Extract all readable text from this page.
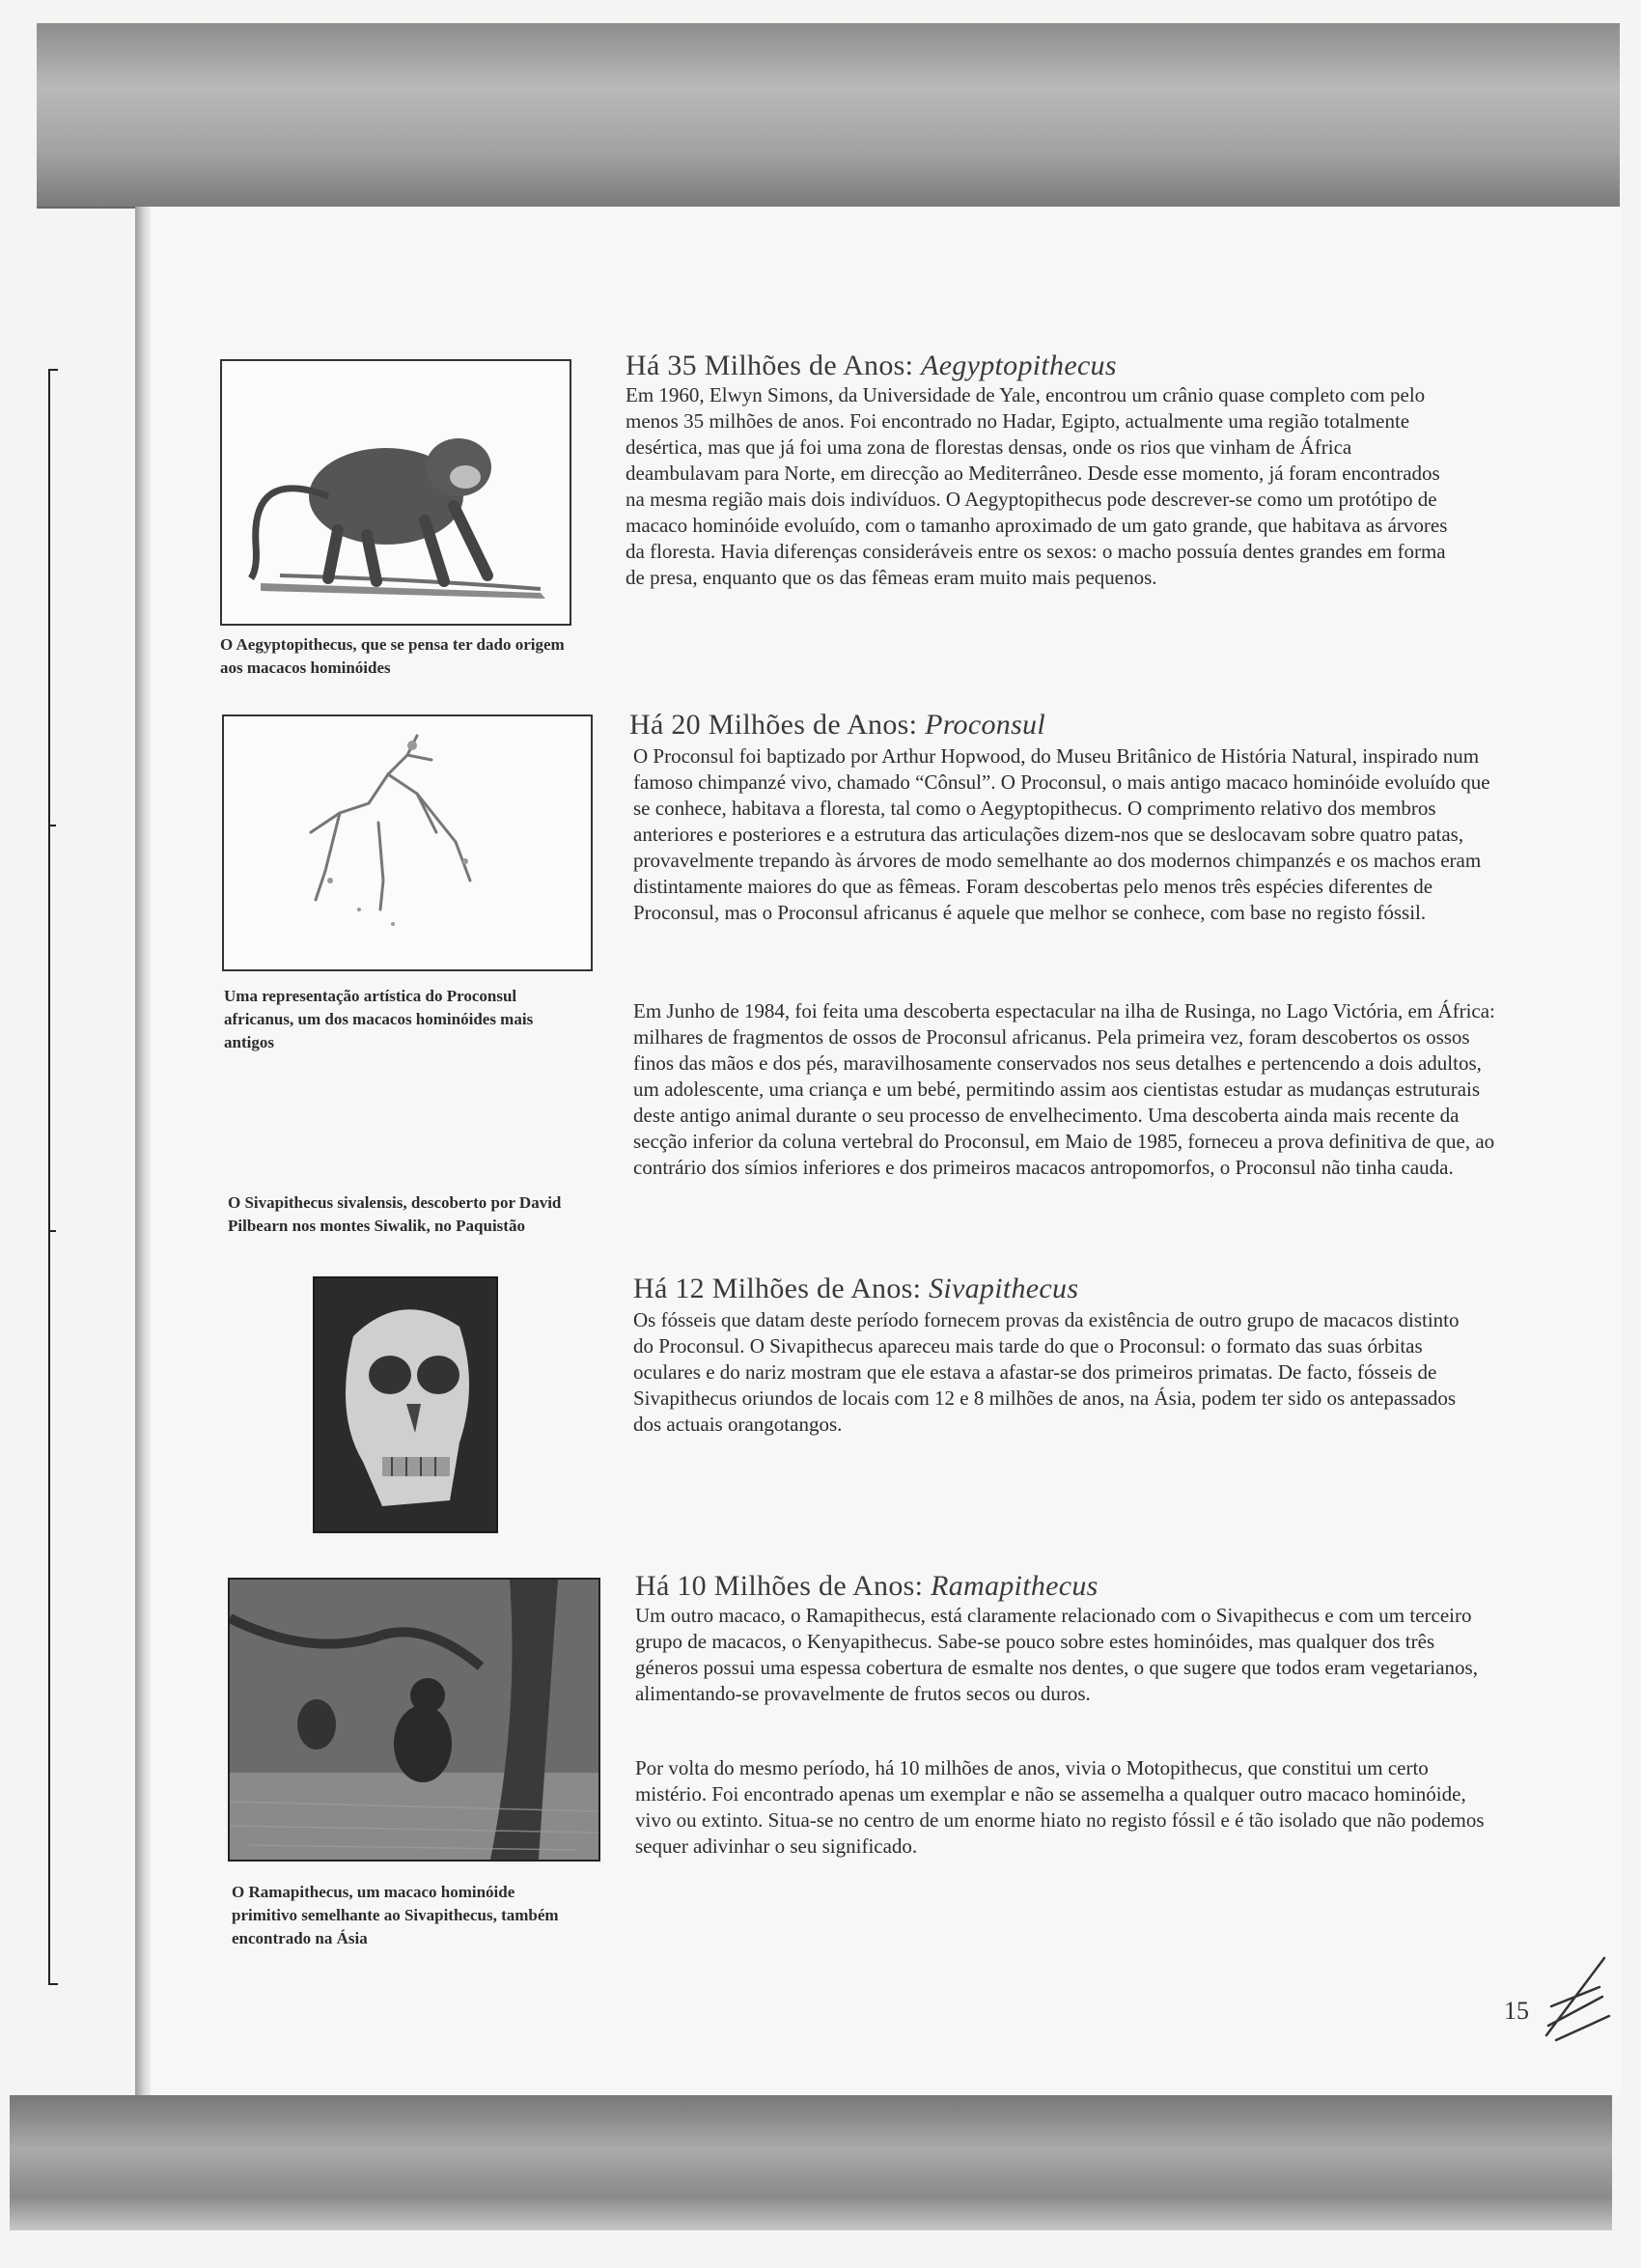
O Aegyptopithecus, que se pensa ter dado origem aos macacos hominóides
Uma representação artística do Proconsul africanus, um dos macacos hominóides mais antigos
O Sivapithecus sivalensis, descoberto por David Pilbearn nos montes Siwalik, no Paquistão
O Ramapithecus, um macaco hominóide primitivo semelhante ao Sivapithecus, também encontrado na Ásia
Há 35 Milhões de Anos: Aegyptopithecus
Em 1960, Elwyn Simons, da Universidade de Yale, encontrou um crânio quase completo com pelo menos 35 milhões de anos. Foi encontrado no Hadar, Egipto, actualmente uma região totalmente desértica, mas que já foi uma zona de florestas densas, onde os rios que vinham de África deambulavam para Norte, em direcção ao Mediterrâneo. Desde esse momento, já foram encontrados na mesma região mais dois indivíduos. O Aegyptopithecus pode descrever-se como um protótipo de macaco hominóide evoluído, com o tamanho aproximado de um gato grande, que habitava as árvores da floresta. Havia diferenças consideráveis entre os sexos: o macho possuía dentes grandes em forma de presa, enquanto que os das fêmeas eram muito mais pequenos.
Há 20 Milhões de Anos: Proconsul
O Proconsul foi baptizado por Arthur Hopwood, do Museu Britânico de História Natural, inspirado num famoso chimpanzé vivo, chamado “Cônsul”. O Proconsul, o mais antigo macaco hominóide evoluído que se conhece, habitava a floresta, tal como o Aegyptopithecus. O comprimento relativo dos membros anteriores e posteriores e a estrutura das articulações dizem-nos que se deslocavam sobre quatro patas, provavelmente trepando às árvores de modo semelhante ao dos modernos chimpanzés e os machos eram distintamente maiores do que as fêmeas. Foram descobertas pelo menos três espécies diferentes de Proconsul, mas o Proconsul africanus é aquele que melhor se conhece, com base no registo fóssil.
Em Junho de 1984, foi feita uma descoberta espectacular na ilha de Rusinga, no Lago Victória, em África: milhares de fragmentos de ossos de Proconsul africanus. Pela primeira vez, foram descobertos os ossos finos das mãos e dos pés, maravilhosamente conservados nos seus detalhes e pertencendo a dois adultos, um adolescente, uma criança e um bebé, permitindo assim aos cientistas estudar as mudanças estruturais deste antigo animal durante o seu processo de envelhecimento. Uma descoberta ainda mais recente da secção inferior da coluna vertebral do Proconsul, em Maio de 1985, forneceu a prova definitiva de que, ao contrário dos símios inferiores e dos primeiros macacos antropomorfos, o Proconsul não tinha cauda.
Há 12 Milhões de Anos: Sivapithecus
Os fósseis que datam deste período fornecem provas da existência de outro grupo de macacos distinto do Proconsul. O Sivapithecus apareceu mais tarde do que o Proconsul: o formato das suas órbitas oculares e do nariz mostram que ele estava a afastar-se dos primeiros primatas. De facto, fósseis de Sivapithecus oriundos de locais com 12 e 8 milhões de anos, na Ásia, podem ter sido os antepassados dos actuais orangotangos.
Há 10 Milhões de Anos: Ramapithecus
Um outro macaco, o Ramapithecus, está claramente relacionado com o Sivapithecus e com um terceiro grupo de macacos, o Kenyapithecus. Sabe-se pouco sobre estes hominóides, mas qualquer dos três géneros possui uma espessa cobertura de esmalte nos dentes, o que sugere que todos eram vegetarianos, alimentando-se provavelmente de frutos secos ou duros.
Por volta do mesmo período, há 10 milhões de anos, vivia o Motopithecus, que constitui um certo mistério. Foi encontrado apenas um exemplar e não se assemelha a qualquer outro macaco hominóide, vivo ou extinto. Situa-se no centro de um enorme hiato no registo fóssil e é tão isolado que não podemos sequer adivinhar o seu significado.
15
